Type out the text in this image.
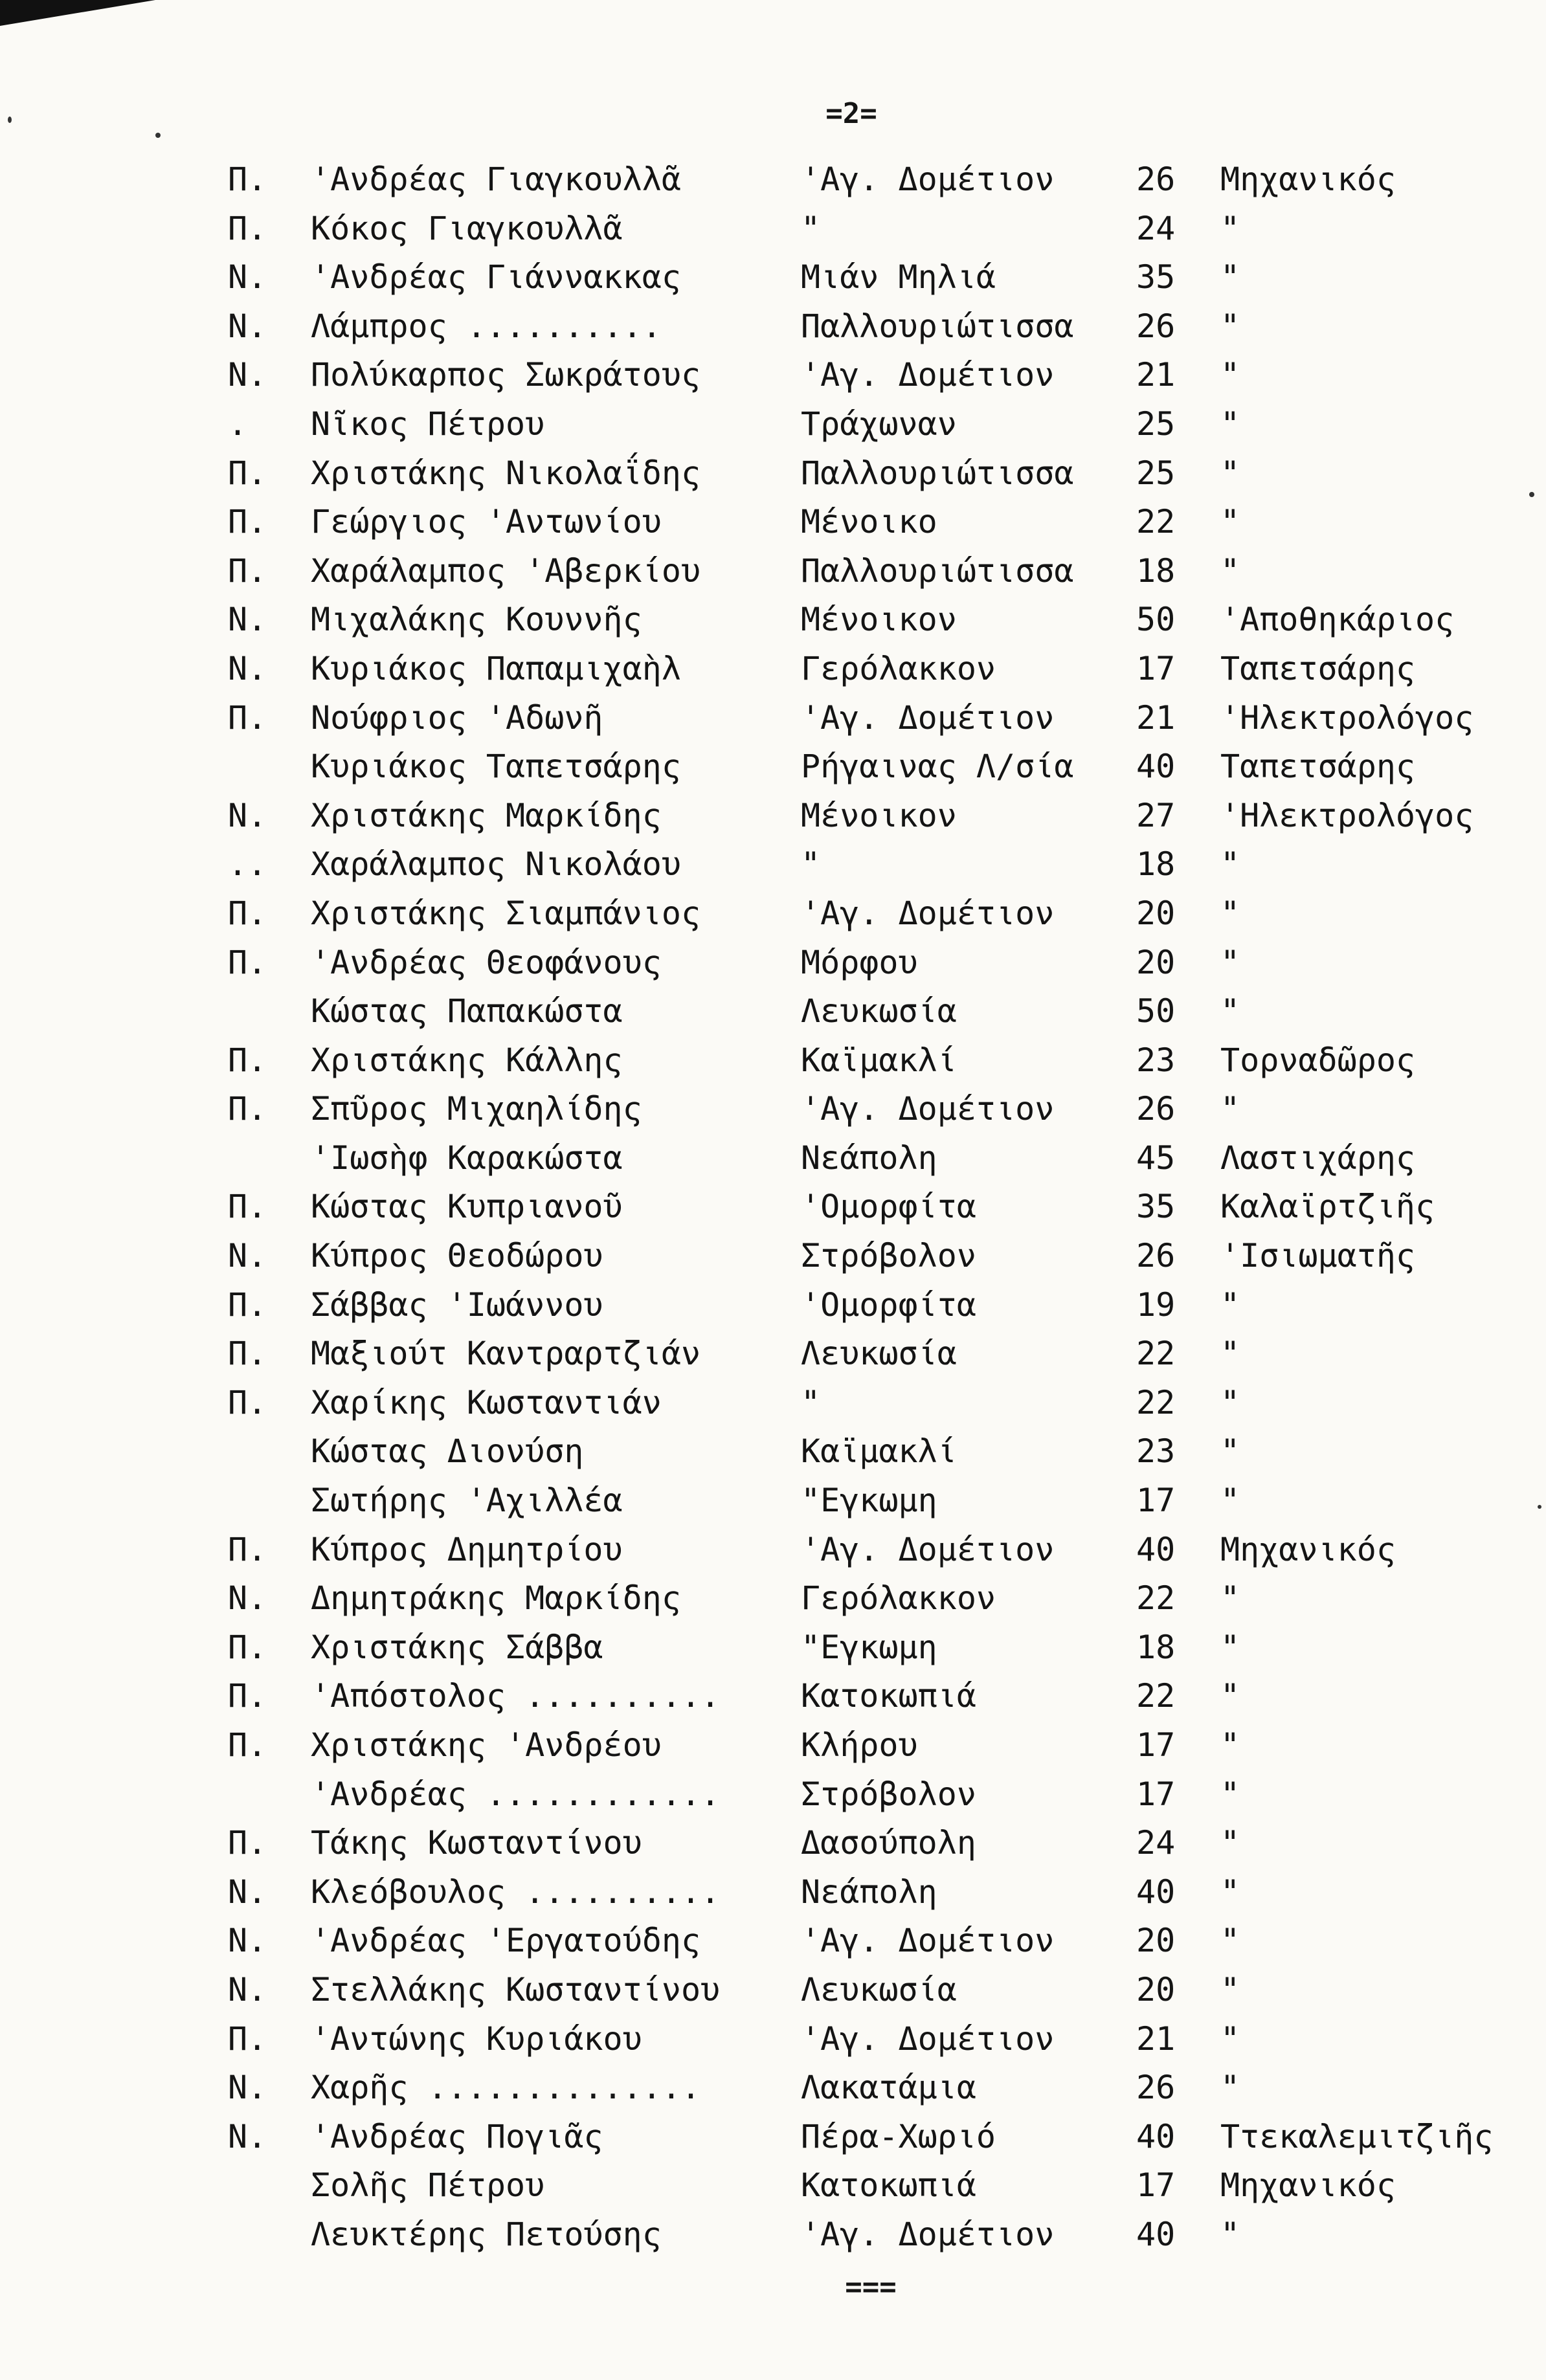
=2=
Π. 'Ανδρέας Γιαγκουλλᾶ	'Αγ. Δομέτιον	26 Μηχανικός
Π. Κόκος Γιαγκουλλᾶ	"	24 "
Ν. 'Ανδρέας Γιάνναккας	Μιάν Μηλιά	35 "
Ν. Λάμπρος ..........	Παλλουριώτισσα 26 "
Ν. Πολύκαρπος Σωκράτους	'Αγ. Δομέτιον	21 "
. Νῖκος Πέτρου	Τράχωναν	25 "
Π. Χριστάκης Νικολαΐδης	Παλλουριώτισσα 25 "
Π. Γεώργιος 'Αντωνίου	Μένοικο	22 "
Π. Χαράλαμπος 'Αβερκίου	Παλλουριώτισσα 18 "
Ν. Μιχαλάκης Κουννῆς	Μένοικον	50 'Αποθηκάριος
Ν. Κυριάκος Παπαμιχαὴλ	Γερόλακκον	17 Ταπετσάρης
Π. Νούφριος 'Αδωνῆ	'Αγ. Δομέτιον	21 'Ηλεκτρολόγος
Κυριάκος Ταπετσάρης	Ρήγαινας Λ/σία 40 Ταπετσάρης
Ν. Χριστάκης Μαρκίδης	Μένοικον	27 'Ηλεκτρολόγος
.. Χαράλαμπος Νικολάου	"	18 "
Π. Χριστάκης Σιαμπάνιος	'Αγ. Δομέτιον	20 "
Π. 'Ανδρέας Θεοφάνους	Μόρφου	20 "
Κώστας Παπακώστα	Λευκωσία	50 "
Π. Χριστάκης Κάλλης	Καϊμακλί	23 Τορναδῶρος
Π. Σπῦρος Μιχαηλίδης	'Αγ. Δομέτιον	26 "
'Ιωσὴφ Καρακώστα	Νεάπολη	45 Λαστιχάρης
Π. Κώστας Κυπριανοῦ	'Ομορφίτα	35 Καλαϊρτζιῆς
Ν. Κύπρος Θεοδώρου	Στρόβολον	26 'Ισιωματῆς
Π. Σάββας 'Ιωάννου	'Ομορφίτα	19 "
Π. Μαξιούτ Καντραρτζιάν	Λευκωσία	22 "
Π. Χαρίκης Κωσταντιάν	"	22 "
Κώστας Διονύση	Καϊμακλί	23 "
Σωτήρης 'Αχιλλέα	"Εγκωμη	17 "
Π. Κύπρος Δημητρίου	'Αγ. Δομέτιον	40 Μηχανικός
Ν. Δημητράκης Μαρκίδης	Γερόλακκον	22 "
Π. Χριστάκης Σάββα	"Εγκωμη	18 "
Π. 'Απόστολος .......... Κατοκωπιά	22 "
Π. Χριστάκης 'Ανδρέου	Κλήρου	17 "
'Ανδρέας ............ Στρόβολον	17 "
Π. Τάκης Κωσταντίνου	Δασούπολη	24 "
Ν. Κλεόβουλος .......... Νεάπολη	40 "
Ν. 'Ανδρέας 'Εργατούδης	'Αγ. Δομέτιον	20 "
Ν. Στελλάκης Κωσταντίνου Λευκωσία	20 "
Π. 'Αντώνης Κυριάκου	'Αγ. Δομέτιον	21 "
Ν. Χαρῆς ..............	Λακατάμια	26 "
Ν. 'Ανδρέας Πογιᾶς	Πέρα-Χωριό	40 Ττεκαλεμιτζιῆς
Σολῆς Πέτρου	Κατοκωπιά	17 Μηχανικός
Λευκτέρης Πετούσης	'Αγ. Δομέτιον	40 "
===
